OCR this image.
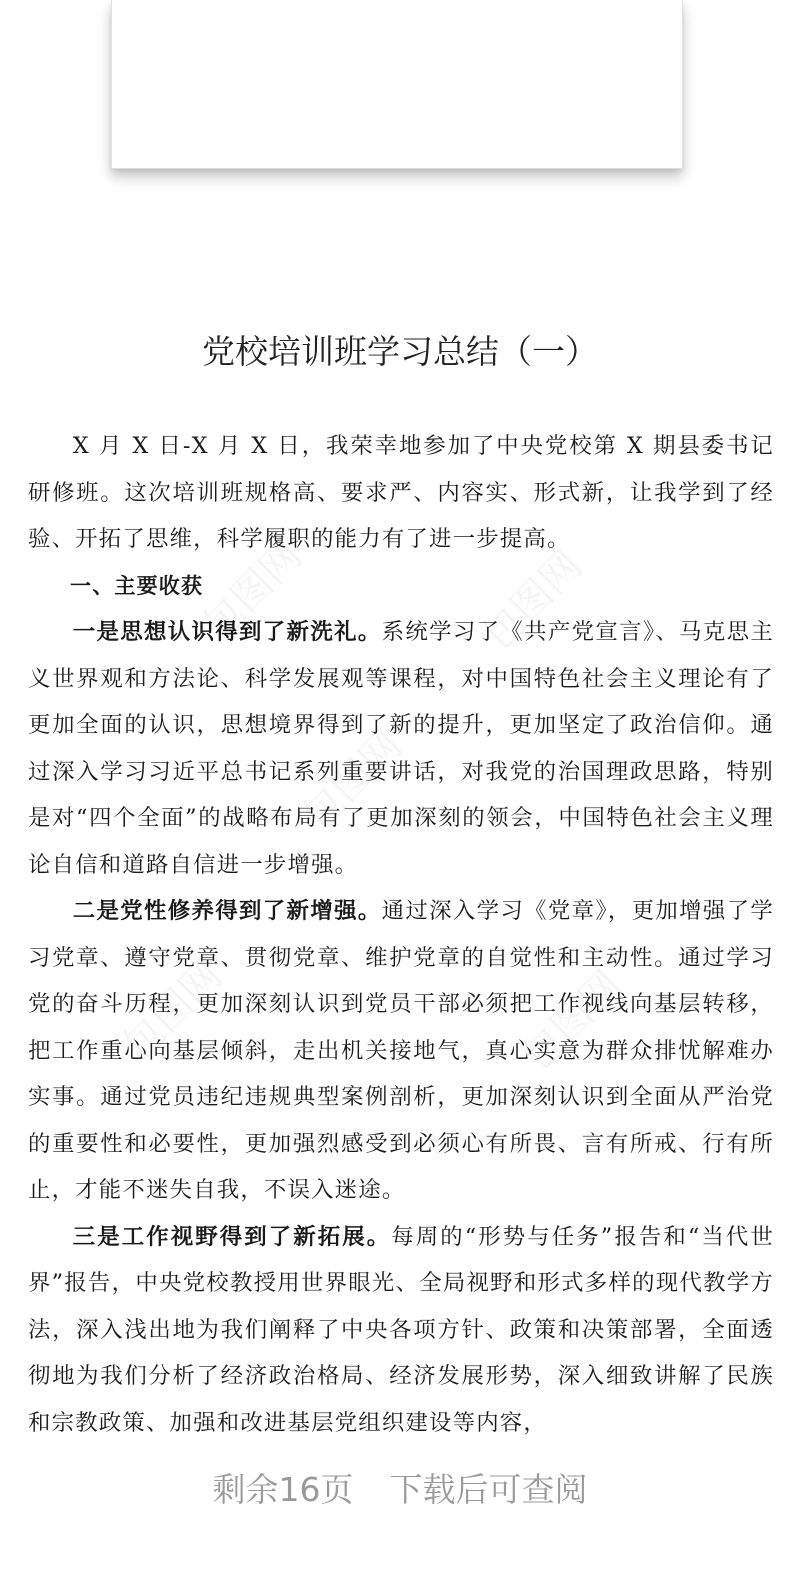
党校培训班学习总结（一）

X 月 X 日-X 月 X 日，我荣幸地参加了中央党校第 X 期县委书记研修班。这次培训班规格高、要求严、内容实、形式新，让我学到了经验、开拓了思维，科学履职的能力有了进一步提高。

一、主要收获

一是思想认识得到了新洗礼。系统学习了《共产党宣言》、马克思主义世界观和方法论、科学发展观等课程，对中国特色社会主义理论有了更加全面的认识，思想境界得到了新的提升，更加坚定了政治信仰。通过深入学习习近平总书记系列重要讲话，对我党的治国理政思路，特别是对“四个全面”的战略布局有了更加深刻的领会，中国特色社会主义理论自信和道路自信进一步增强。

二是党性修养得到了新增强。通过深入学习《党章》，更加增强了学习党章、遵守党章、贯彻党章、维护党章的自觉性和主动性。通过学习党的奋斗历程，更加深刻认识到党员干部必须把工作视线向基层转移，把工作重心向基层倾斜，走出机关接地气，真心实意为群众排忧解难办实事。通过党员违纪违规典型案例剖析，更加深刻认识到全面从严治党的重要性和必要性，更加强烈感受到必须心有所畏、言有所戒、行有所止，才能不迷失自我，不误入迷途。

三是工作视野得到了新拓展。每周的“形势与任务”报告和“当代世界”报告，中央党校教授用世界眼光、全局视野和形式多样的现代教学方法，深入浅出地为我们阐释了中央各项方针、政策和决策部署，全面透彻地为我们分析了经济政治格局、经济发展形势，深入细致讲解了民族和宗教政策、加强和改进基层党组织建设等内容，

剩余16页 下载后可查阅
